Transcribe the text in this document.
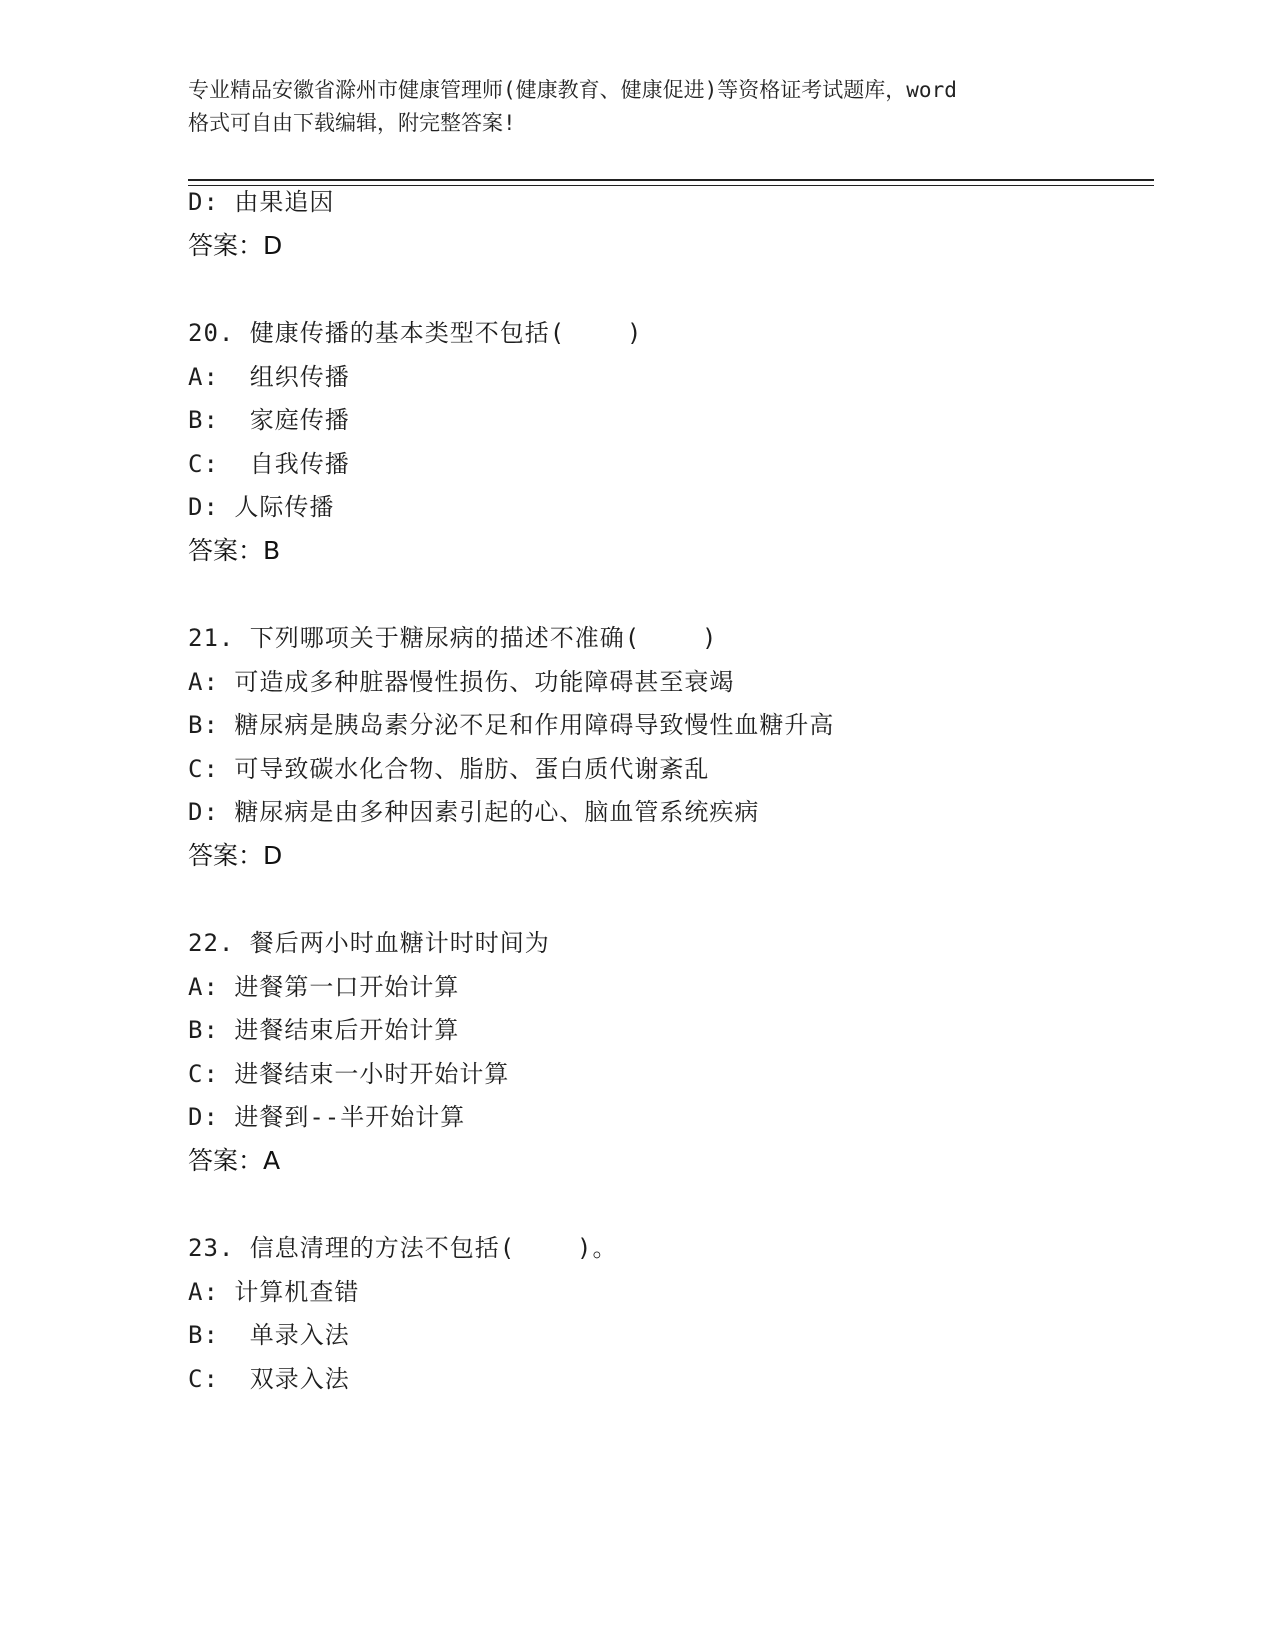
专业精品安徽省滁州市健康管理师(健康教育、健康促进)等资格证考试题库，word
格式可自由下载编辑，附完整答案!
D: 由果追因
答案：D
20. 健康传播的基本类型不包括(    )
A:  组织传播
B:  家庭传播
C:  自我传播
D: 人际传播
答案：B
21. 下列哪项关于糖尿病的描述不准确(    )
A: 可造成多种脏器慢性损伤、功能障碍甚至衰竭
B: 糖尿病是胰岛素分泌不足和作用障碍导致慢性血糖升高
C: 可导致碳水化合物、脂肪、蛋白质代谢紊乱
D: 糖尿病是由多种因素引起的心、脑血管系统疾病
答案：D
22. 餐后两小时血糖计时时间为
A: 进餐第一口开始计算
B: 进餐结束后开始计算
C: 进餐结束一小时开始计算
D: 进餐到--半开始计算
答案：A
23. 信息清理的方法不包括(    )。
A: 计算机查错
B:  单录入法
C:  双录入法
